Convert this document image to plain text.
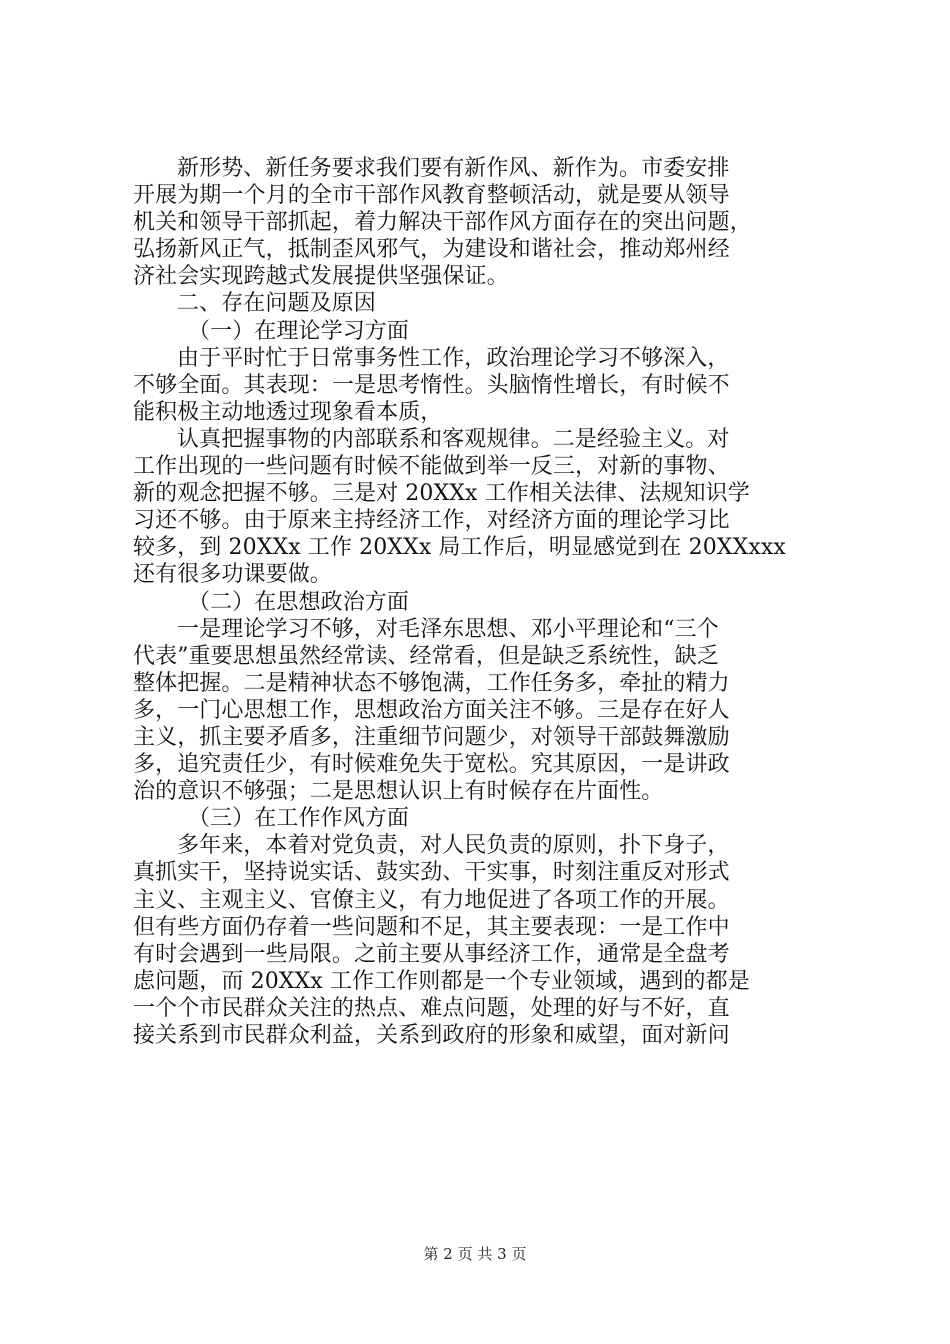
新形势、新任务要求我们要有新作风、新作为。市委安排
开展为期一个月的全市干部作风教育整顿活动，就是要从领导
机关和领导干部抓起，着力解决干部作风方面存在的突出问题，
弘扬新风正气，抵制歪风邪气，为建设和谐社会，推动郑州经
济社会实现跨越式发展提供坚强保证。
二、存在问题及原因
（一）在理论学习方面
由于平时忙于日常事务性工作，政治理论学习不够深入，
不够全面。其表现：一是思考惰性。头脑惰性增长，有时候不
能积极主动地透过现象看本质，
认真把握事物的内部联系和客观规律。二是经验主义。对
工作出现的一些问题有时候不能做到举一反三，对新的事物、
新的观念把握不够。三是对 20XXx 工作相关法律、法规知识学
习还不够。由于原来主持经济工作，对经济方面的理论学习比
较多，到 20XXx 工作 20XXx 局工作后，明显感觉到在 20XXxxx
还有很多功课要做。
（二）在思想政治方面
一是理论学习不够，对毛泽东思想、邓小平理论和“三个
代表”重要思想虽然经常读、经常看，但是缺乏系统性，缺乏
整体把握。二是精神状态不够饱满，工作任务多，牵扯的精力
多，一门心思想工作，思想政治方面关注不够。三是存在好人
主义，抓主要矛盾多，注重细节问题少，对领导干部鼓舞激励
多，追究责任少，有时候难免失于宽松。究其原因，一是讲政
治的意识不够强；二是思想认识上有时候存在片面性。
（三）在工作作风方面
多年来，本着对党负责，对人民负责的原则，扑下身子，
真抓实干，坚持说实话、鼓实劲、干实事，时刻注重反对形式
主义、主观主义、官僚主义，有力地促进了各项工作的开展。
但有些方面仍存着一些问题和不足，其主要表现：一是工作中
有时会遇到一些局限。之前主要从事经济工作，通常是全盘考
虑问题，而 20XXx 工作工作则都是一个专业领域，遇到的都是
一个个市民群众关注的热点、难点问题，处理的好与不好，直
接关系到市民群众利益，关系到政府的形象和威望，面对新问
第 2 页 共 3 页
